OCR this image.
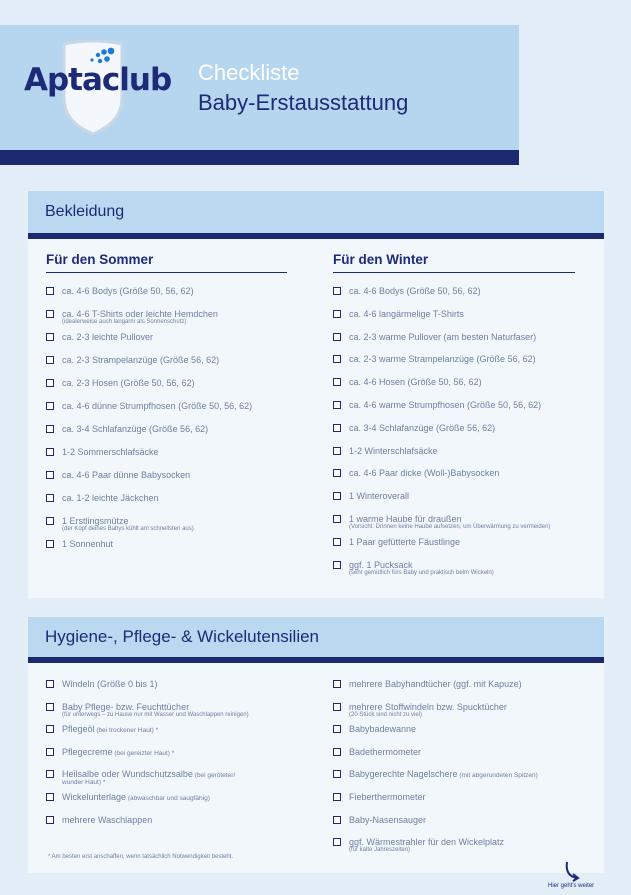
Aptaclub Checkliste
Baby-Erstausstattung
Bekleidung
Für den Sommer
ca. 4-6 Bodys (Größe 50, 56, 62)
ca. 4-6 T-Shirts oder leichte Hemdchen
(idealerweise auch langarm als Sonnenschutz)
ca. 2-3 leichte Pullover
ca. 2-3 Strampelanzüge (Größe 56, 62)
ca. 2-3 Hosen (Größe 50, 56, 62)
ca. 4-6 dünne Strumpfhosen (Größe 50, 56, 62)
ca. 3-4 Schlafanzüge (Größe 56, 62)
1-2 Sommerschlafsäcke
ca. 4-6 Paar dünne Babysocken
ca. 1-2 leichte Jäckchen
1 Erstlingsmütze
(der Kopf deines Babys kühlt am schnellsten aus)
1 Sonnenhut
Für den Winter
ca. 4-6 Bodys (Größe 50, 56, 62)
ca. 4-6 langärmelige T-Shirts
ca. 2-3 warme Pullover (am besten Naturfaser)
ca. 2-3 warme Strampelanzüge (Größe 56, 62)
ca. 4-6 Hosen (Größe 50, 56, 62)
ca. 4-6 warme Strumpfhosen (Größe 50, 56, 62)
ca. 3-4 Schlafanzüge (Größe 56, 62)
1-2 Winterschlafsäcke
ca. 4-6 Paar dicke (Woll-)Babysocken
1 Winteroverall
1 warme Haube für draußen
(Vorsicht: Drinnen keine Haube aufsetzen, um Überwärmung zu vermeiden)
1 Paar gefütterte Fäustlinge
ggf. 1 Pucksack
(sehr gemütlich fürs Baby und praktisch beim Wickeln)
Hygiene-, Pflege- & Wickelutensilien
Windeln (Größe 0 bis 1)
Baby Pflege- bzw. Feuchttücher
(für unterwegs – zu Hause nur mit Wasser und Waschlappen reinigen)
Pflegeöl (bei trockener Haut) *
Pflegecreme (bei gereizter Haut) *
Heilsalbe oder Wundschutzsalbe (bei geröteter/
wunder Haut) *
Wickelunterlage (abwaschbar und saugfähig)
mehrere Waschlappen
mehrere Babyhandtücher (ggf. mit Kapuze)
mehrere Stoffwindeln bzw. Spucktücher
(20 Stück sind nicht zu viel)
Babybadewanne
Badethermometer
Babygerechte Nagelschere (mit abgerundeten Spitzen)
Fieberthermometer
Baby-Nasensauger
ggf. Wärmestrahler für den Wickelplatz
(für kalte Jahreszeiten)
* Am besten erst anschaffen, wenn tatsächlich Notwendigkeit besteht.
Hier geht's weiter
